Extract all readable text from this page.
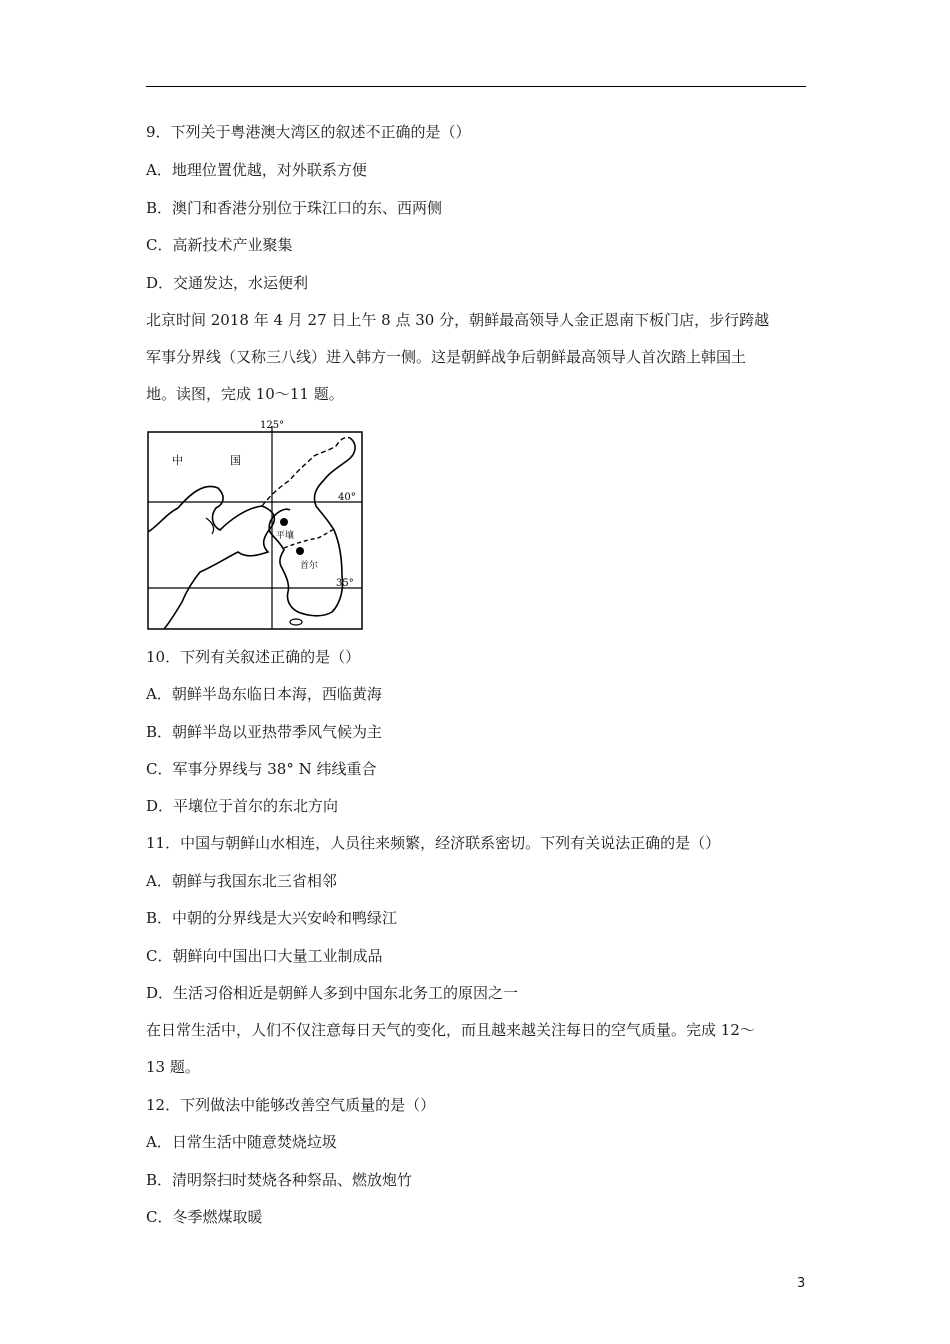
9．下列关于粤港澳大湾区的叙述不正确的是（）
A．地理位置优越，对外联系方便
B．澳门和香港分别位于珠江口的东、西两侧
C．高新技术产业聚集
D．交通发达，水运便利
北京时间 2018 年 4 月 27 日上午 8 点 30 分，朝鲜最高领导人金正恩南下板门店，步行跨越
军事分界线（又称三八线）进入韩方一侧。这是朝鲜战争后朝鲜最高领导人首次踏上韩国土
地。读图，完成 10～11 题。
125°
40°
35°
中	国
平壤
首尔
10．下列有关叙述正确的是（）
A．朝鲜半岛东临日本海，西临黄海
B．朝鲜半岛以亚热带季风气候为主
C．军事分界线与 38° N 纬线重合
D．平壤位于首尔的东北方向
11．中国与朝鲜山水相连，人员往来频繁，经济联系密切。下列有关说法正确的是（）
A．朝鲜与我国东北三省相邻
B．中朝的分界线是大兴安岭和鸭绿江
C．朝鲜向中国出口大量工业制成品
D．生活习俗相近是朝鲜人多到中国东北务工的原因之一
在日常生活中，人们不仅注意每日天气的变化，而且越来越关注每日的空气质量。完成 12～
13 题。
12．下列做法中能够改善空气质量的是（）
A．日常生活中随意焚烧垃圾
B．清明祭扫时焚烧各种祭品、燃放炮竹
C．冬季燃煤取暖
3
